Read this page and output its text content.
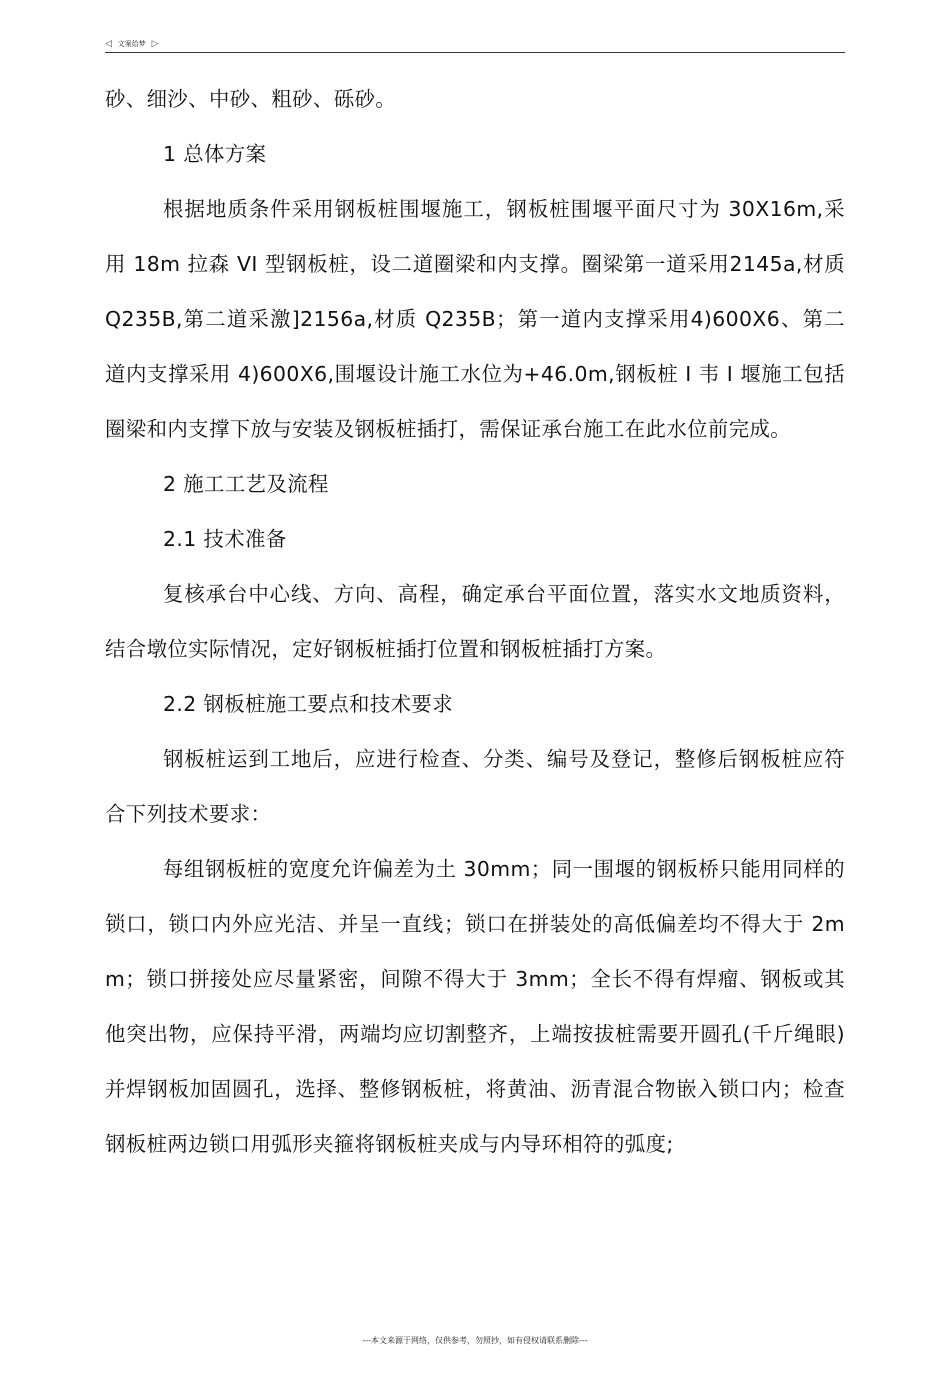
◁ 文案给梦 ▷

砂、细沙、中砂、粗砂、砾砂。

1 总体方案

根据地质条件采用钢板桩围堰施工，钢板桩围堰平面尺寸为 30X16m,采用 18m 拉森 VI 型钢板桩，设二道圈梁和内支撑。圈梁第一道采用2145a,材质 Q235B,第二道采激]2156a,材质 Q235B；第一道内支撑采用4)600X6、第二道内支撑采用 4)600X6,围堰设计施工水位为+46.0m,钢板桩 I 韦 I 堰施工包括圈梁和内支撑下放与安装及钢板桩插打，需保证承台施工在此水位前完成。

2 施工工艺及流程

2.1 技术准备

复核承台中心线、方向、高程，确定承台平面位置，落实水文地质资料，结合墩位实际情况，定好钢板桩插打位置和钢板桩插打方案。

2.2 钢板桩施工要点和技术要求

钢板桩运到工地后，应进行检查、分类、编号及登记，整修后钢板桩应符合下列技术要求：

每组钢板桩的宽度允许偏差为土 30mm；同一围堰的钢板桥只能用同样的锁口，锁口内外应光洁、并呈一直线；锁口在拼装处的高低偏差均不得大于 2mm；锁口拼接处应尽量紧密，间隙不得大于 3mm；全长不得有焊瘤、钢板或其他突出物，应保持平滑，两端均应切割整齐，上端按拔桩需要开圆孔(千斤绳眼)并焊钢板加固圆孔，选择、整修钢板桩，将黄油、沥青混合物嵌入锁口内；检查钢板桩两边锁口用弧形夹箍将钢板桩夹成与内导环相符的弧度;

---本文来源于网络，仅供参考，勿照抄，如有侵权请联系删除---
